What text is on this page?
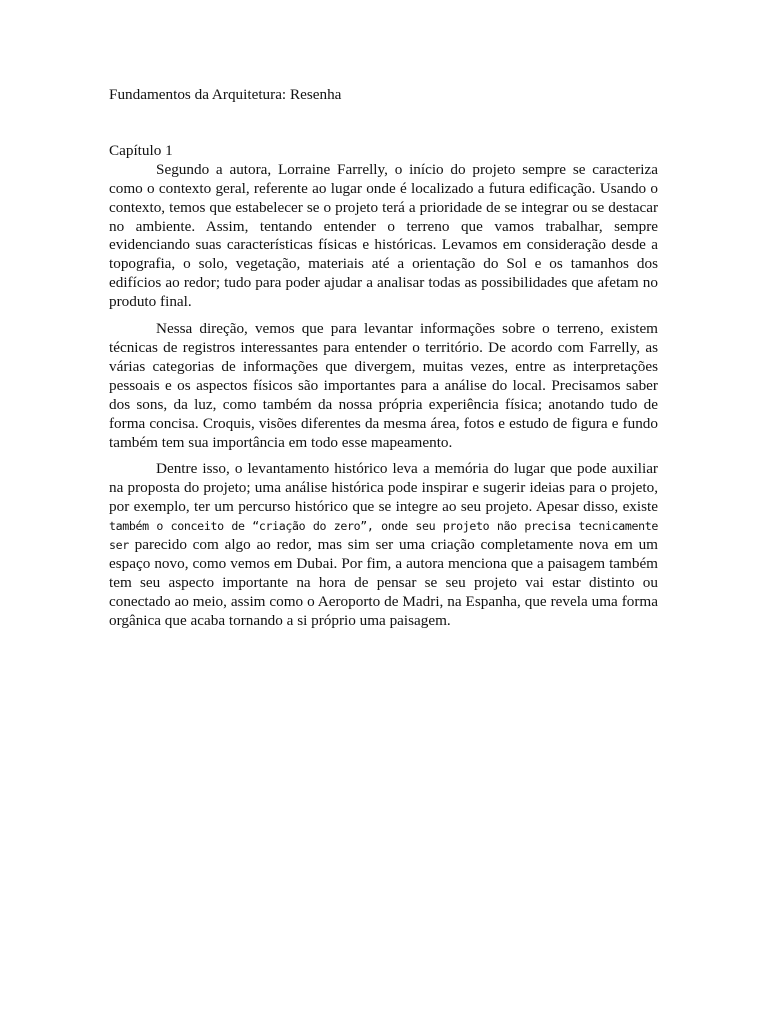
Fundamentos da Arquitetura: Resenha

Capítulo 1

Segundo a autora, Lorraine Farrelly, o início do projeto sempre se caracteriza como o contexto geral, referente ao lugar onde é localizado a futura edificação. Usando o contexto, temos que estabelecer se o projeto terá a prioridade de se integrar ou se destacar no ambiente. Assim, tentando entender o terreno que vamos trabalhar, sempre evidenciando suas características físicas e históricas. Levamos em consideração desde a topografia, o solo, vegetação, materiais até a orientação do Sol e os tamanhos dos edifícios ao redor; tudo para poder ajudar a analisar todas as possibilidades que afetam no produto final.

Nessa direção, vemos que para levantar informações sobre o terreno, existem técnicas de registros interessantes para entender o território. De acordo com Farrelly, as várias categorias de informações que divergem, muitas vezes, entre as interpretações pessoais e os aspectos físicos são importantes para a análise do local. Precisamos saber dos sons, da luz, como também da nossa própria experiência física; anotando tudo de forma concisa. Croquis, visões diferentes da mesma área, fotos e estudo de figura e fundo também tem sua importância em todo esse mapeamento.

Dentre isso, o levantamento histórico leva a memória do lugar que pode auxiliar na proposta do projeto; uma análise histórica pode inspirar e sugerir ideias para o projeto, por exemplo, ter um percurso histórico que se integre ao seu projeto. Apesar disso, existe também o conceito de “criação do zero”, onde seu projeto não precisa tecnicamente ser parecido com algo ao redor, mas sim ser uma criação completamente nova em um espaço novo, como vemos em Dubai. Por fim, a autora menciona que a paisagem também tem seu aspecto importante na hora de pensar se seu projeto vai estar distinto ou conectado ao meio, assim como o Aeroporto de Madri, na Espanha, que revela uma forma orgânica que acaba tornando a si próprio uma paisagem.
